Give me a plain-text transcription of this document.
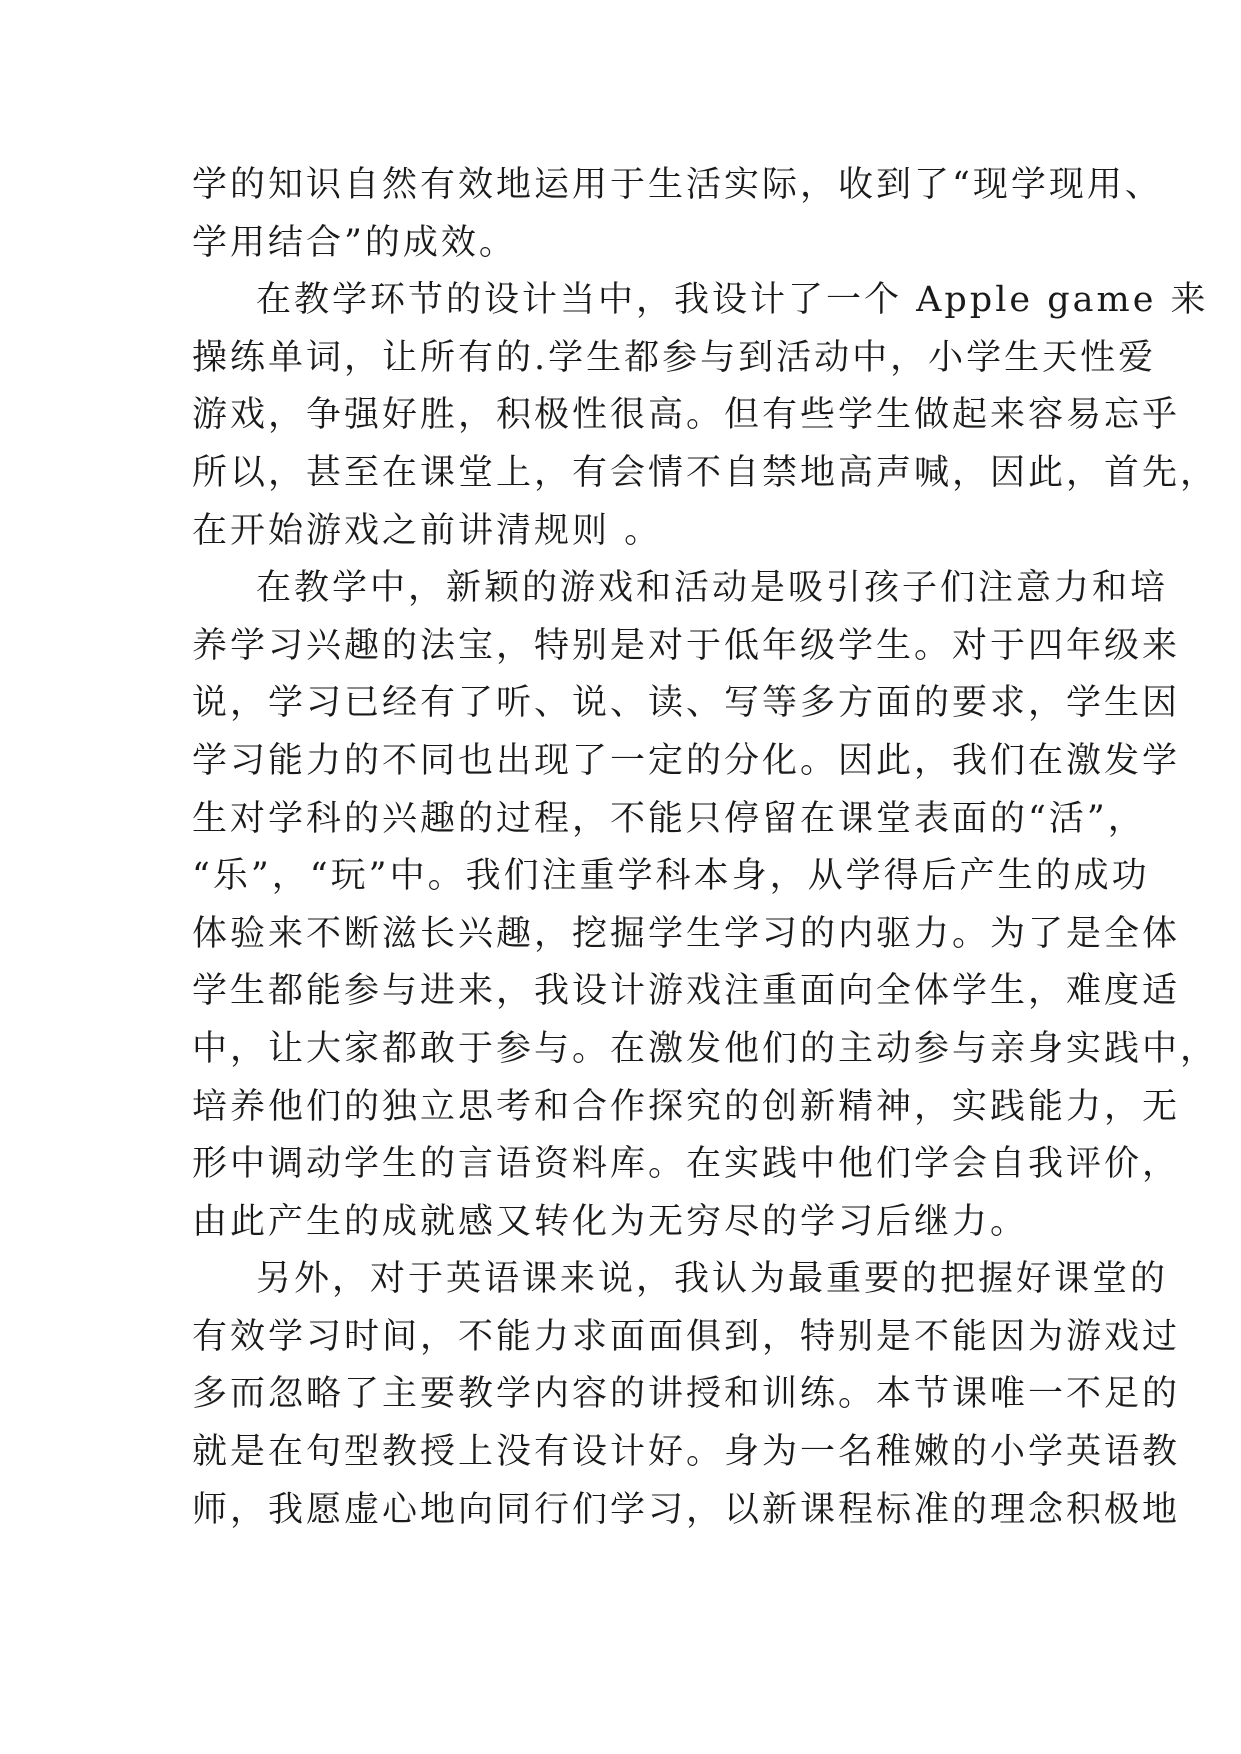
学的知识自然有效地运用于生活实际，收到了“现学现用、
学用结合”的成效。
在教学环节的设计当中，我设计了一个 Apple game 来
操练单词，让所有的.学生都参与到活动中，小学生天性爱
游戏，争强好胜，积极性很高。但有些学生做起来容易忘乎
所以，甚至在课堂上，有会情不自禁地高声喊，因此，首先，
在开始游戏之前讲清规则 。
在教学中，新颖的游戏和活动是吸引孩子们注意力和培
养学习兴趣的法宝，特别是对于低年级学生。对于四年级来
说，学习已经有了听、说、读、写等多方面的要求，学生因
学习能力的不同也出现了一定的分化。因此，我们在激发学
生对学科的兴趣的过程，不能只停留在课堂表面的“活”，
“乐”，“玩”中。我们注重学科本身，从学得后产生的成功
体验来不断滋长兴趣，挖掘学生学习的内驱力。为了是全体
学生都能参与进来，我设计游戏注重面向全体学生，难度适
中，让大家都敢于参与。在激发他们的主动参与亲身实践中，
培养他们的独立思考和合作探究的创新精神，实践能力，无
形中调动学生的言语资料库。在实践中他们学会自我评价，
由此产生的成就感又转化为无穷尽的学习后继力。
另外，对于英语课来说，我认为最重要的把握好课堂的
有效学习时间，不能力求面面俱到，特别是不能因为游戏过
多而忽略了主要教学内容的讲授和训练。本节课唯一不足的
就是在句型教授上没有设计好。身为一名稚嫩的小学英语教
师，我愿虚心地向同行们学习，以新课程标准的理念积极地
